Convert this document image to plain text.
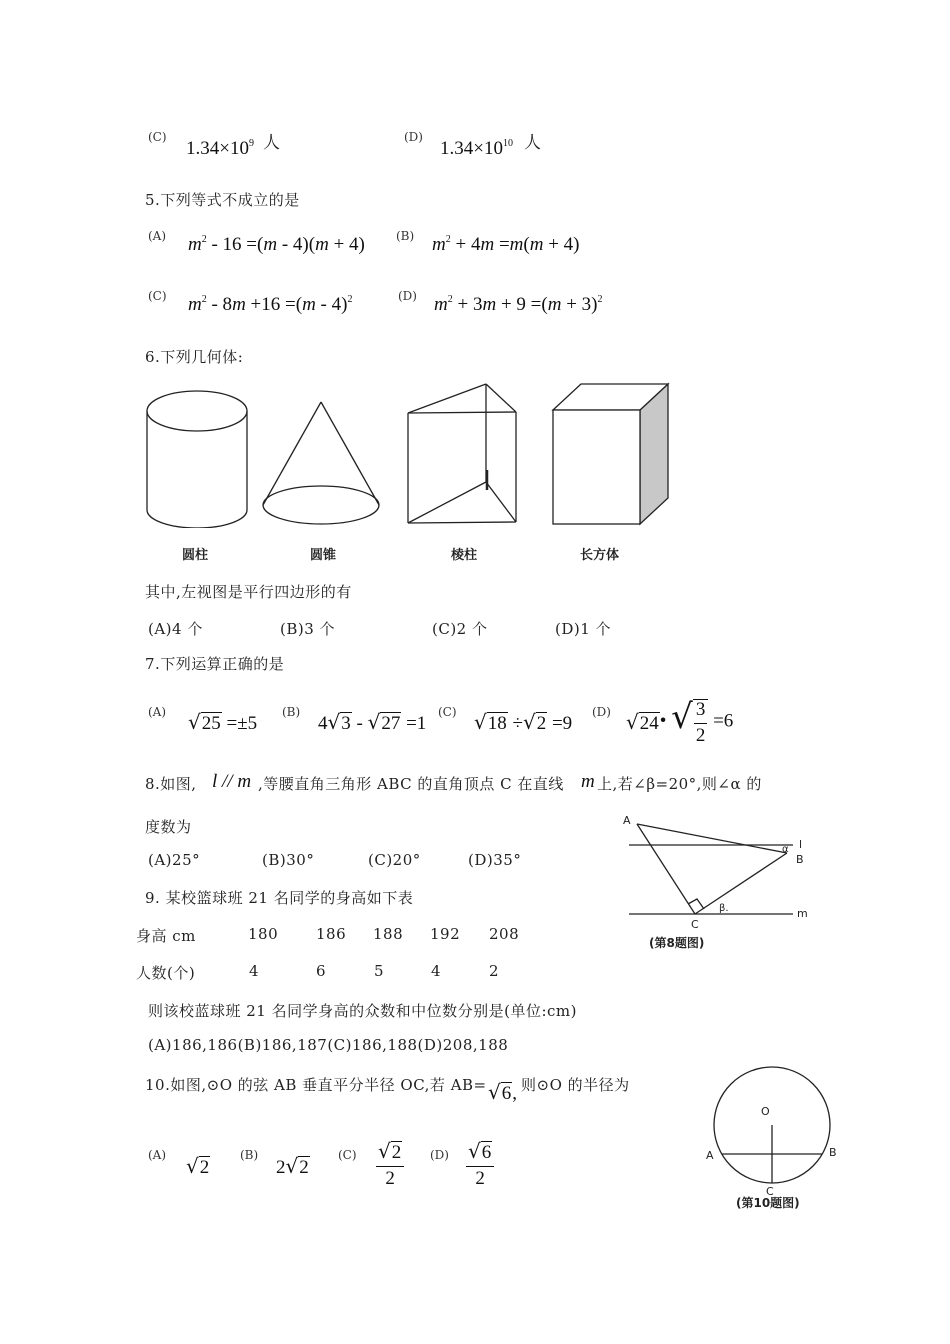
(C)
$1.34\times 10^9$ 人	(D)
$1.34\times 10^{10}$ 人
5.下列等式不成立的是
(A) $m^2 - 16 =(m - 4)(m + 4)$	(B) $m^2 + 4m =m(m + 4)$
(C) $m^2 - 8m +16 =(m - 4)^2$	(D) $m^2 + 3m + 9 =(m + 3)^2$
6.下列几何体:
圆柱	圆锥	棱柱	长方体
其中,左视图是平行四边形的有
(A)4 个	(B)3 个	(C)2 个	(D)1 个
7.下列运算正确的是
(A) √25 =±5
(B)
4√3 - √27 =1
(C) √18 ÷√2 =9
(D) √24• √ $\frac{3}{2} =6$
8.如图, l // m ,等腰直角三角形 ABC 的直角顶点 C 在直线 m 上,若∠β=20°,则∠α 的
度数为
(A)25°	(B)30°	(C)20°	(D)35°
A
B
C
l
m
α
β.
(第8题图)
9. 某校篮球班 21 名同学的身高如下表
身高 cm	180	186 188 192 208
人数(个)	4	6	5	4	2
则该校蓝球班 21 名同学身高的众数和中位数分别是(单位:cm)
(A)186,186(B)186,187(C)186,188(D)208,188
10.如图,⊙O 的弦 AB 垂直平分半径 OC,若 AB= √6, 则⊙O 的半径为
(A) √2
(B)
2√2
$(C) \frac{√2}{2} (D) \frac{√6}{2}$
O
A	B
C
(第10题图)
